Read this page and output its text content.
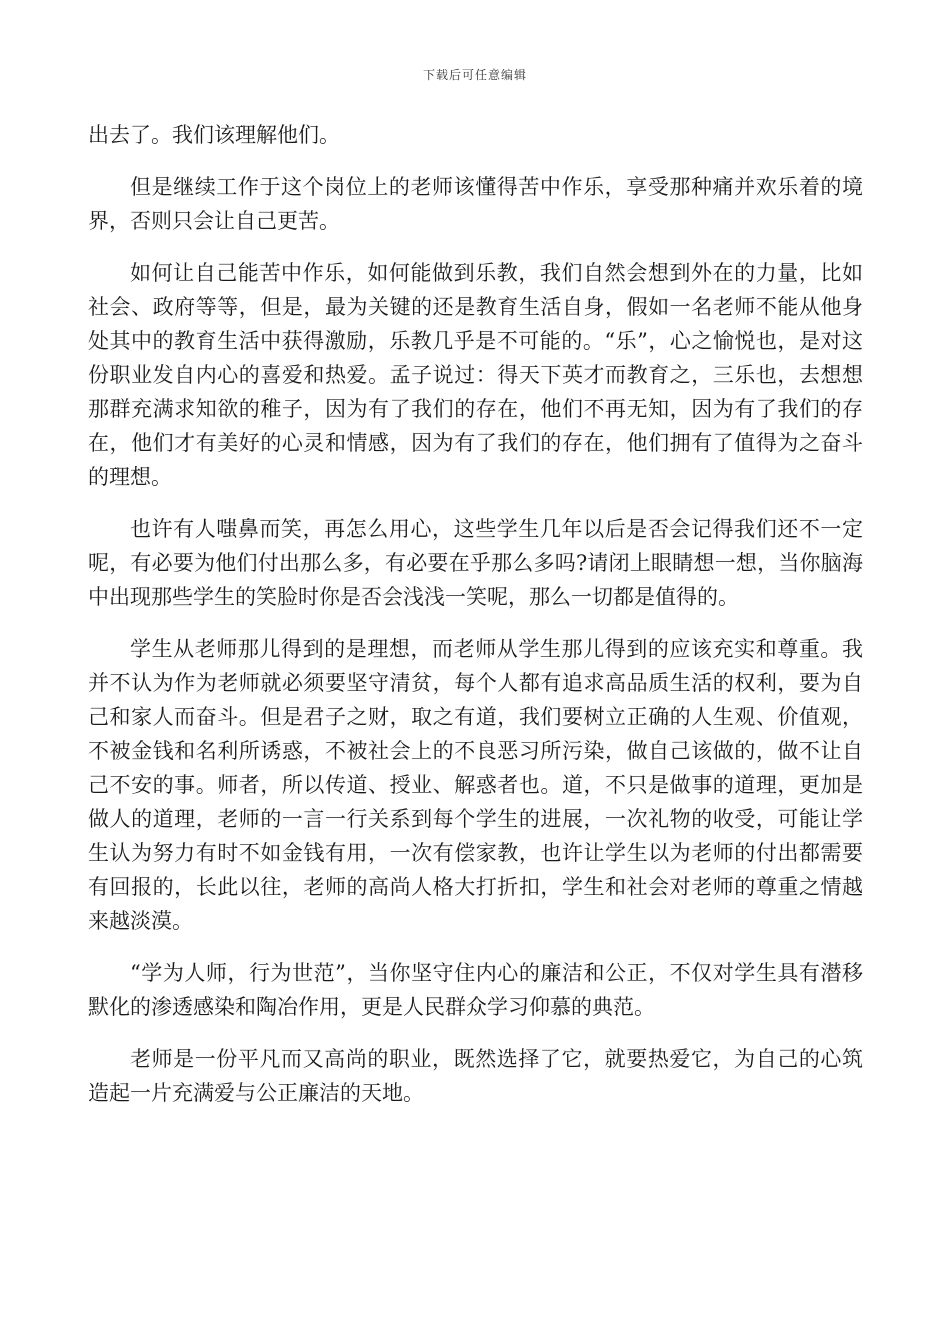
下载后可任意编辑

出去了。我们该理解他们。

但是继续工作于这个岗位上的老师该懂得苦中作乐，享受那种痛并欢乐着的境界，否则只会让自己更苦。

如何让自己能苦中作乐，如何能做到乐教，我们自然会想到外在的力量，比如社会、政府等等，但是，最为关键的还是教育生活自身，假如一名老师不能从他身处其中的教育生活中获得激励，乐教几乎是不可能的。“乐”，心之愉悦也，是对这份职业发自内心的喜爱和热爱。孟子说过：得天下英才而教育之，三乐也，去想想那群充满求知欲的稚子，因为有了我们的存在，他们不再无知，因为有了我们的存在，他们才有美好的心灵和情感，因为有了我们的存在，他们拥有了值得为之奋斗的理想。

也许有人嗤鼻而笑，再怎么用心，这些学生几年以后是否会记得我们还不一定呢，有必要为他们付出那么多，有必要在乎那么多吗?请闭上眼睛想一想，当你脑海中出现那些学生的笑脸时你是否会浅浅一笑呢，那么一切都是值得的。

学生从老师那儿得到的是理想，而老师从学生那儿得到的应该充实和尊重。我并不认为作为老师就必须要坚守清贫，每个人都有追求高品质生活的权利，要为自己和家人而奋斗。但是君子之财，取之有道，我们要树立正确的人生观、价值观，不被金钱和名利所诱惑，不被社会上的不良恶习所污染，做自己该做的，做不让自己不安的事。师者，所以传道、授业、解惑者也。道，不只是做事的道理，更加是做人的道理，老师的一言一行关系到每个学生的进展，一次礼物的收受，可能让学生认为努力有时不如金钱有用，一次有偿家教，也许让学生以为老师的付出都需要有回报的，长此以往，老师的高尚人格大打折扣，学生和社会对老师的尊重之情越来越淡漠。

“学为人师，行为世范”，当你坚守住内心的廉洁和公正，不仅对学生具有潜移默化的渗透感染和陶冶作用，更是人民群众学习仰慕的典范。

老师是一份平凡而又高尚的职业，既然选择了它，就要热爱它，为自己的心筑造起一片充满爱与公正廉洁的天地。
